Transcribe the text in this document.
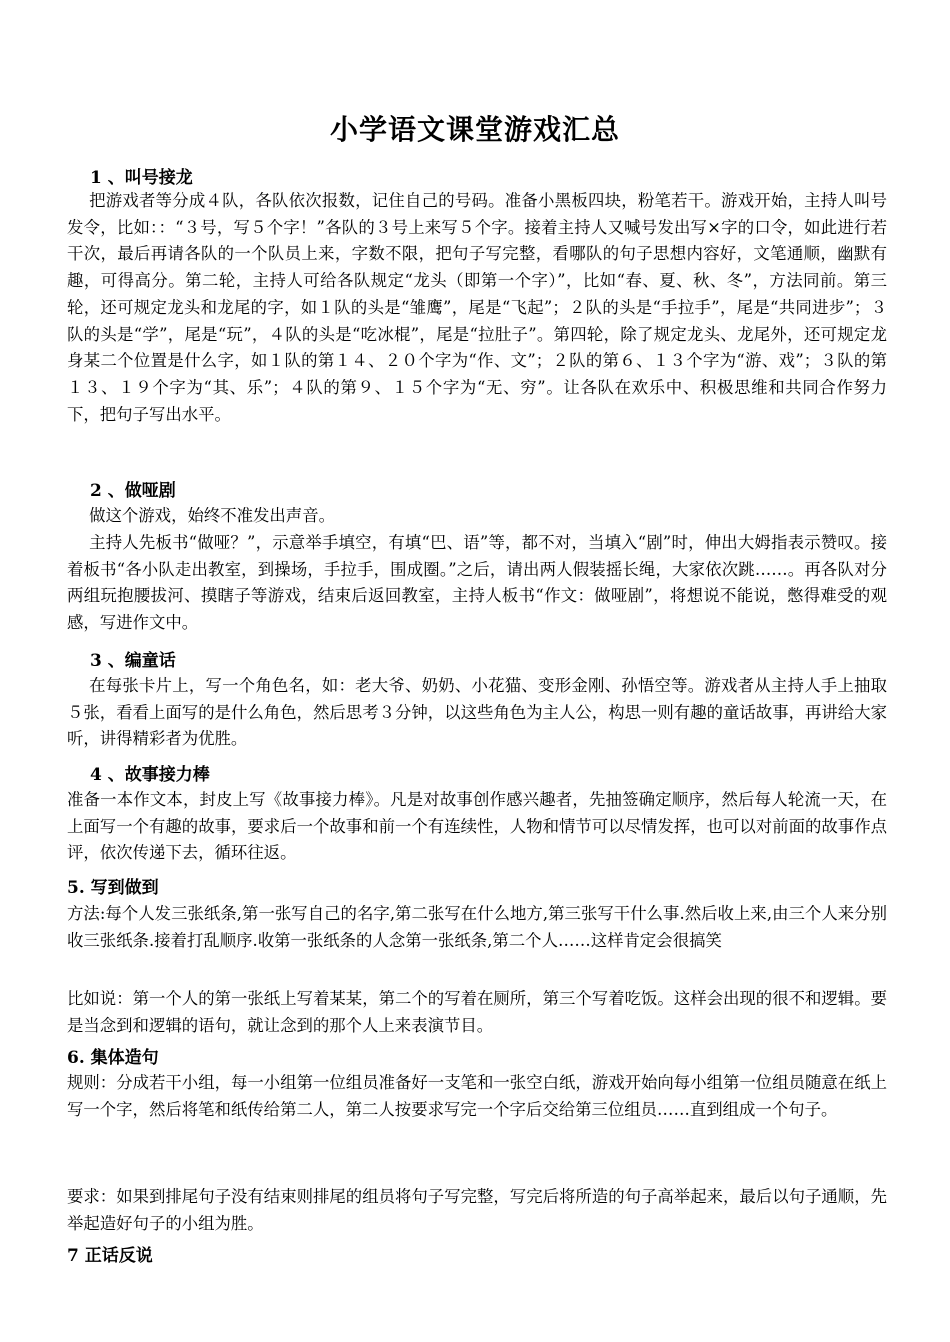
小学语文课堂游戏汇总
1 、叫号接龙

把游戏者等分成４队，各队依次报数，记住自己的号码。准备小黑板四块，粉笔若干。游戏开始，主持人叫号发令，比如：：“３号，写５个字！”各队的３号上来写５个字。接着主持人又喊号发出写×字的口令，如此进行若干次，最后再请各队的一个队员上来，字数不限，把句子写完整，看哪队的句子思想内容好，文笔通顺，幽默有趣，可得高分。第二轮，主持人可给各队规定“龙头（即第一个字）”，比如“春、夏、秋、冬”，方法同前。第三轮，还可规定龙头和龙尾的字，如１队的头是“雏鹰”，尾是“飞起”；２队的头是“手拉手”，尾是“共同进步”；３队的头是“学”，尾是“玩”，４队的头是“吃冰棍”，尾是“拉肚子”。第四轮，除了规定龙头、龙尾外，还可规定龙身某二个位置是什么字，如１队的第１４、２０个字为“作、文”；２队的第６、１３个字为“游、戏”；３队的第１３、１９个字为“其、乐”；４队的第９、１５个字为“无、穷”。让各队在欢乐中、积极思维和共同合作努力下，把句子写出水平。

2 、做哑剧

做这个游戏，始终不准发出声音。

主持人先板书“做哑？”，示意举手填空，有填“巴、语”等，都不对，当填入“剧”时，伸出大姆指表示赞叹。接着板书“各小队走出教室，到操场，手拉手，围成圈。”之后，请出两人假装摇长绳，大家依次跳……。再各队对分两组玩抱腰拔河、摸瞎子等游戏，结束后返回教室，主持人板书“作文：做哑剧”，将想说不能说，憋得难受的观感，写进作文中。

3 、编童话

在每张卡片上，写一个角色名，如：老大爷、奶奶、小花猫、变形金刚、孙悟空等。游戏者从主持人手上抽取５张，看看上面写的是什么角色，然后思考３分钟，以这些角色为主人公，构思一则有趣的童话故事，再讲给大家听，讲得精彩者为优胜。

4 、故事接力棒

准备一本作文本，封皮上写《故事接力棒》。凡是对故事创作感兴趣者，先抽签确定顺序，然后每人轮流一天，在上面写一个有趣的故事，要求后一个故事和前一个有连续性，人物和情节可以尽情发挥，也可以对前面的故事作点评，依次传递下去，循环往返。

5. 写到做到

方法:每个人发三张纸条,第一张写自己的名字,第二张写在什么地方,第三张写干什么事.然后收上来,由三个人来分别收三张纸条.接着打乱顺序.收第一张纸条的人念第一张纸条,第二个人……这样肯定会很搞笑

比如说：第一个人的第一张纸上写着某某，第二个的写着在厕所，第三个写着吃饭。这样会出现的很不和逻辑。要是当念到和逻辑的语句，就让念到的那个人上来表演节目。

6. 集体造句

规则：分成若干小组，每一小组第一位组员准备好一支笔和一张空白纸，游戏开始向每小组第一位组员随意在纸上写一个字，然后将笔和纸传给第二人，第二人按要求写完一个字后交给第三位组员……直到组成一个句子。

要求：如果到排尾句子没有结束则排尾的组员将句子写完整，写完后将所造的句子高举起来，最后以句子通顺，先举起造好句子的小组为胜。

7 正话反说
